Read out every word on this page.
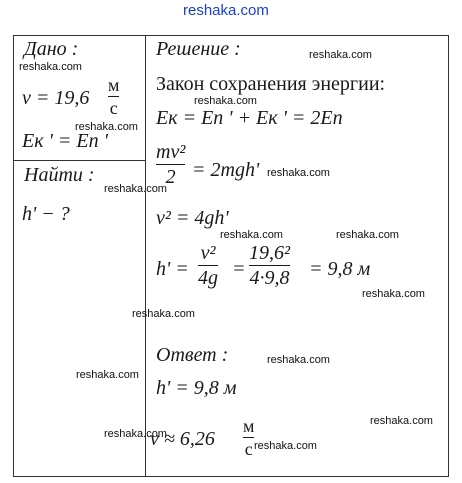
reshaka.com
Дано :
v = 19,6
м
с
Eк ' = Eп '
Найти :
h' − ?
Решение :
Закон сохранения энергии:
Eк = Eп ' + Eк ' = 2Eп
mv²
2 = 2mgh'
v² = 4gh'
h' =
v²
4g =
19,6²
4·9,8 = 9,8 м
Ответ :
h' = 9,8 м
v ≈ 6,26
м
с
reshaka.com
reshaka.com
reshaka.com
reshaka.com
reshaka.com
reshaka.com
reshaka.com	reshaka.com
reshaka.com
reshaka.com
reshaka.com
reshaka.com
reshaka.com
reshaka.com
reshaka.com
